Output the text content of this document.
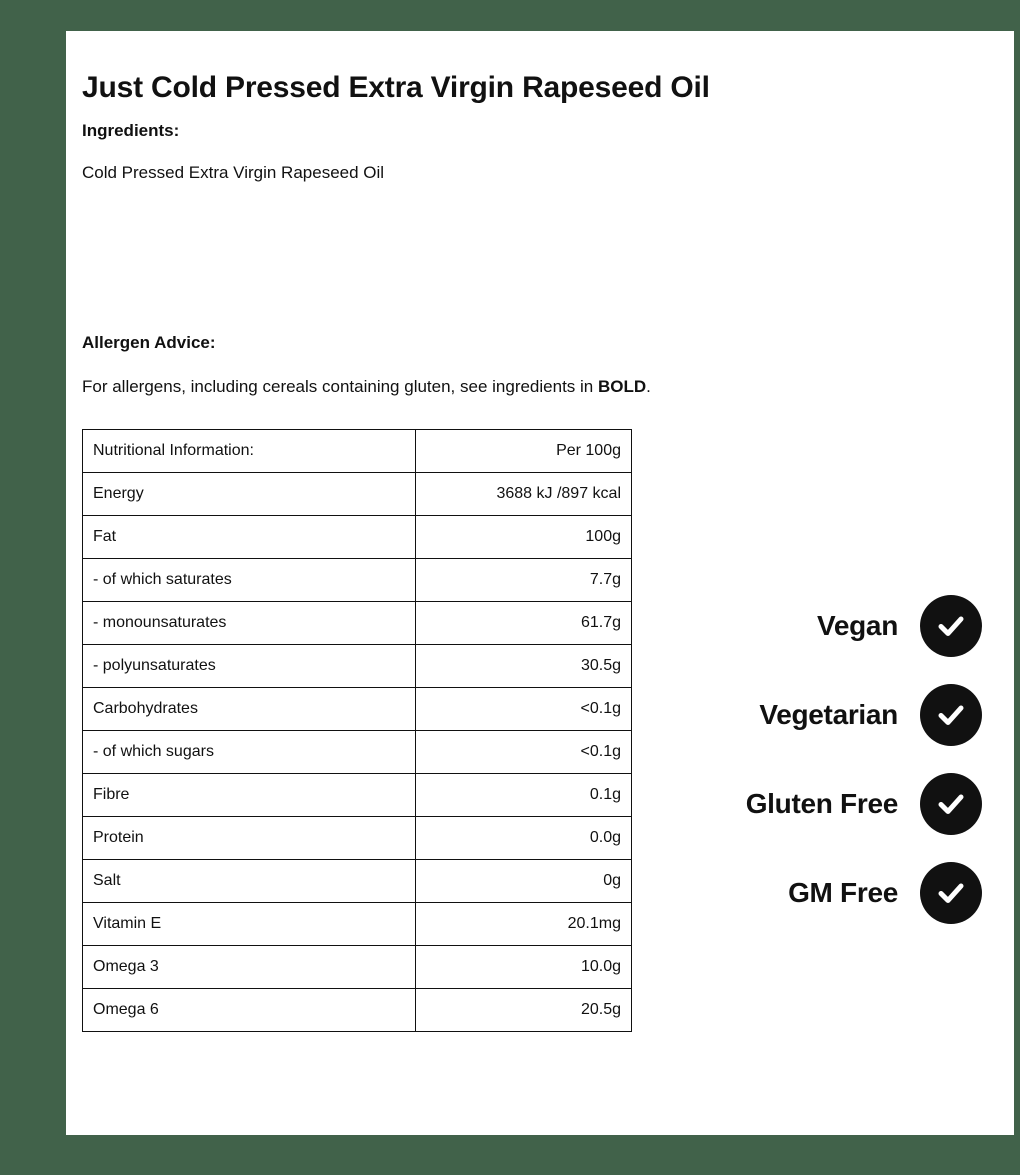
Just Cold Pressed Extra Virgin Rapeseed Oil
Ingredients:

Cold Pressed Extra Virgin Rapeseed Oil

Allergen Advice:

For allergens, including cereals containing gluten, see ingredients in BOLD.

Nutritional Information:	Per 100g
Energy	3688 kJ /897 kcal
Fat	100g
- of which saturates	7.7g
- monounsaturates	61.7g
- polyunsaturates	30.5g
Carbohydrates	<0.1g
- of which sugars	<0.1g
Fibre	0.1g
Protein	0.0g
Salt	0g
Vitamin E	20.1mg
Omega 3	10.0g
Omega 6	20.5g
Vegan
Vegetarian
Gluten Free
GM Free
